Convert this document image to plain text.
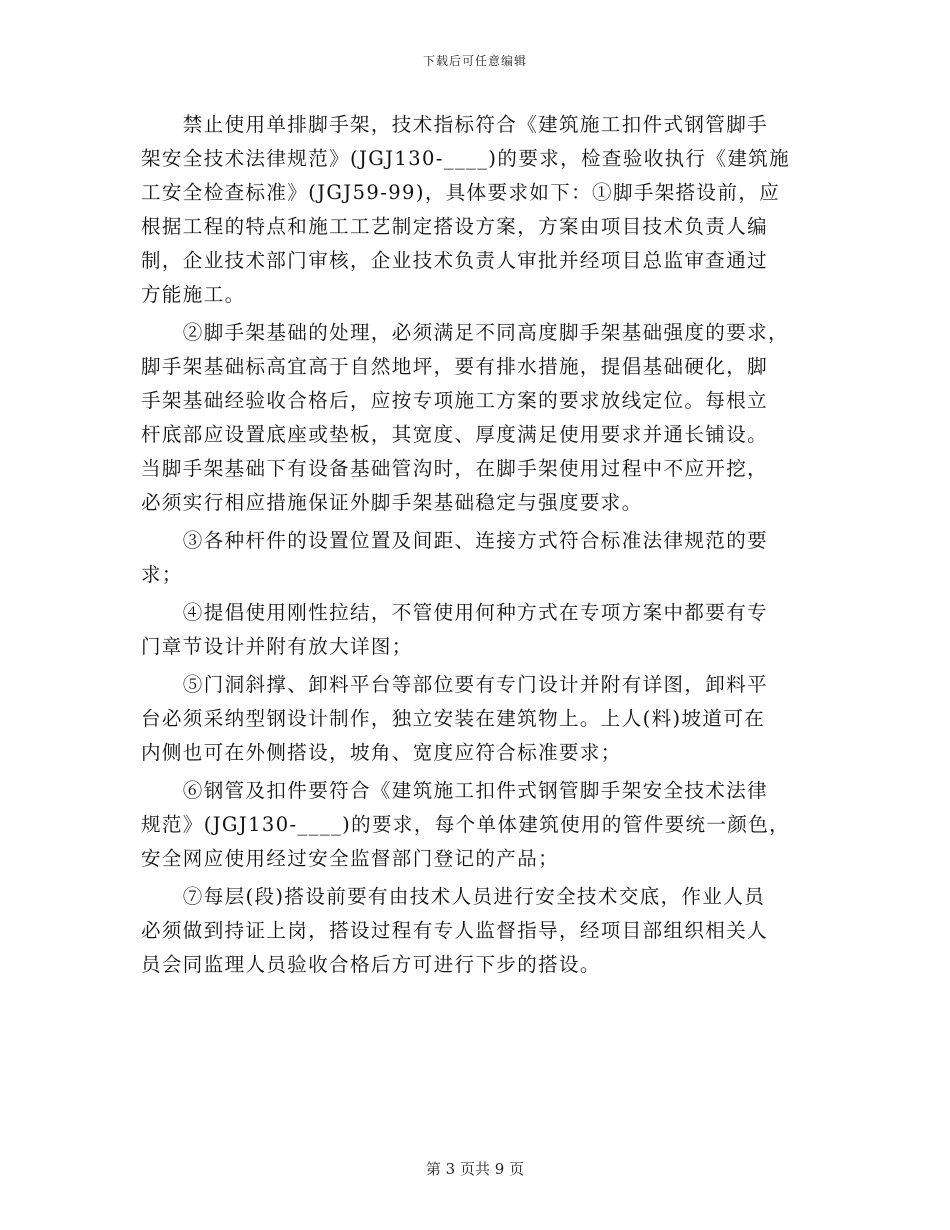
下载后可任意编辑
　　禁止使用单排脚手架，技术指标符合《建筑施工扣件式钢管脚手
架安全技术法律规范》(JGJ130-____)的要求，检查验收执行《建筑施
工安全检查标准》(JGJ59-99)，具体要求如下：①脚手架搭设前，应
根据工程的特点和施工工艺制定搭设方案，方案由项目技术负责人编
制，企业技术部门审核，企业技术负责人审批并经项目总监审查通过
方能施工。
　　②脚手架基础的处理，必须满足不同高度脚手架基础强度的要求，
脚手架基础标高宜高于自然地坪，要有排水措施，提倡基础硬化，脚
手架基础经验收合格后，应按专项施工方案的要求放线定位。每根立
杆底部应设置底座或垫板，其宽度、厚度满足使用要求并通长铺设。
当脚手架基础下有设备基础管沟时，在脚手架使用过程中不应开挖，
必须实行相应措施保证外脚手架基础稳定与强度要求。
　　③各种杆件的设置位置及间距、连接方式符合标准法律规范的要
求；
　　④提倡使用刚性拉结，不管使用何种方式在专项方案中都要有专
门章节设计并附有放大详图；
　　⑤门洞斜撑、卸料平台等部位要有专门设计并附有详图，卸料平
台必须采纳型钢设计制作，独立安装在建筑物上。上人(料)坡道可在
内侧也可在外侧搭设，坡角、宽度应符合标准要求；
　　⑥钢管及扣件要符合《建筑施工扣件式钢管脚手架安全技术法律
规范》(JGJ130-____)的要求，每个单体建筑使用的管件要统一颜色，
安全网应使用经过安全监督部门登记的产品；
　　⑦每层(段)搭设前要有由技术人员进行安全技术交底，作业人员
必须做到持证上岗，搭设过程有专人监督指导，经项目部组织相关人
员会同监理人员验收合格后方可进行下步的搭设。
第 3 页共 9 页
